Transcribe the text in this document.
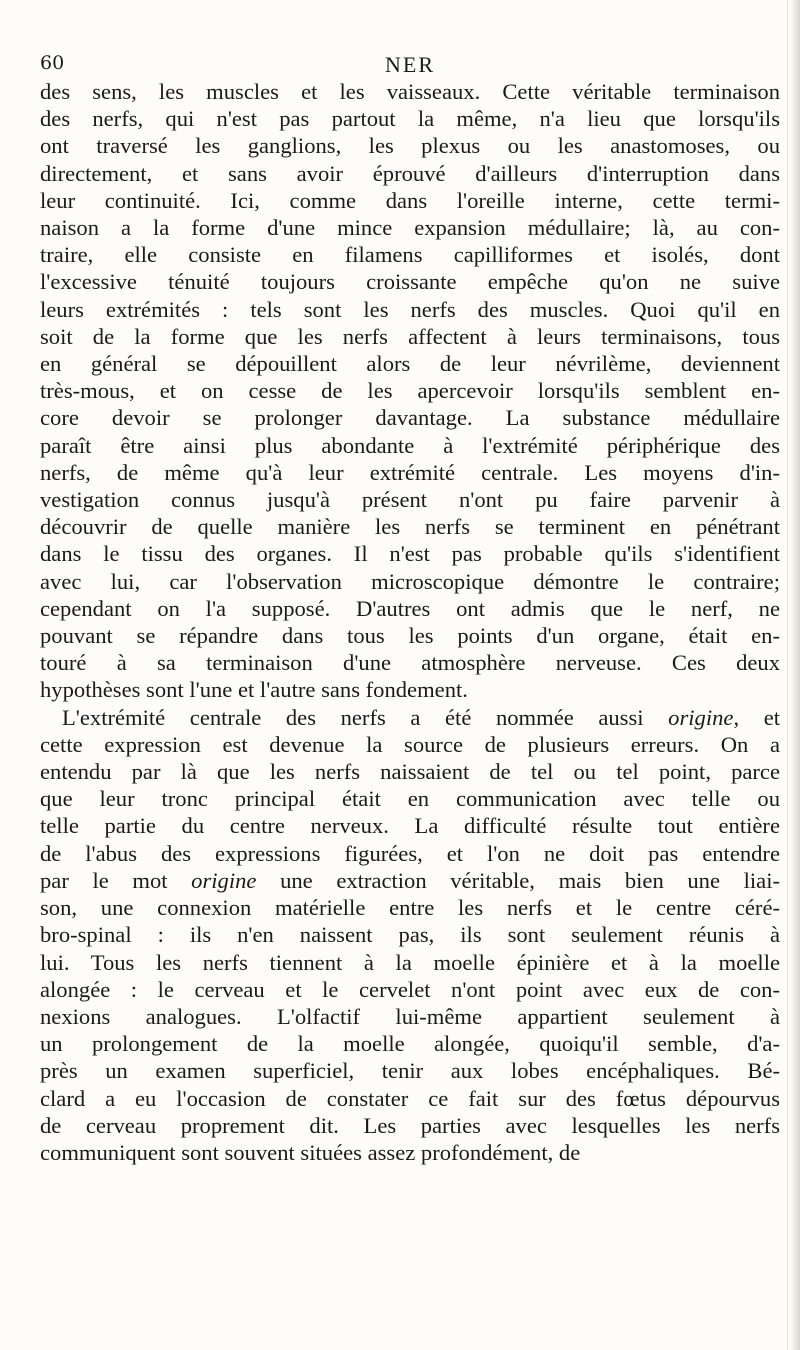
60	NER
des sens, les muscles et les vaisseaux. Cette véritable terminaison
des nerfs, qui n'est pas partout la même, n'a lieu que lorsqu'ils
ont traversé les ganglions, les plexus ou les anastomoses, ou
directement, et sans avoir éprouvé d'ailleurs d'interruption dans
leur continuité. Ici, comme dans l'oreille interne, cette termi-
naison a la forme d'une mince expansion médullaire; là, au con-
traire, elle consiste en filamens capilliformes et isolés, dont
l'excessive ténuité toujours croissante empêche qu'on ne suive
leurs extrémités : tels sont les nerfs des muscles. Quoi qu'il en
soit de la forme que les nerfs affectent à leurs terminaisons, tous
en général se dépouillent alors de leur névrilème, deviennent
très-mous, et on cesse de les apercevoir lorsqu'ils semblent en-
core devoir se prolonger davantage. La substance médullaire
paraît être ainsi plus abondante à l'extrémité périphérique des
nerfs, de même qu'à leur extrémité centrale. Les moyens d'in-
vestigation connus jusqu'à présent n'ont pu faire parvenir à
découvrir de quelle manière les nerfs se terminent en pénétrant
dans le tissu des organes. Il n'est pas probable qu'ils s'identifient
avec lui, car l'observation microscopique démontre le contraire;
cependant on l'a supposé. D'autres ont admis que le nerf, ne
pouvant se répandre dans tous les points d'un organe, était en-
touré à sa terminaison d'une atmosphère nerveuse. Ces deux
hypothèses sont l'une et l'autre sans fondement.
L'extrémité centrale des nerfs a été nommée aussi origine, et
cette expression est devenue la source de plusieurs erreurs. On a
entendu par là que les nerfs naissaient de tel ou tel point, parce
que leur tronc principal était en communication avec telle ou
telle partie du centre nerveux. La difficulté résulte tout entière
de l'abus des expressions figurées, et l'on ne doit pas entendre
par le mot origine une extraction véritable, mais bien une liai-
son, une connexion matérielle entre les nerfs et le centre céré-
bro-spinal : ils n'en naissent pas, ils sont seulement réunis à
lui. Tous les nerfs tiennent à la moelle épinière et à la moelle
alongée : le cerveau et le cervelet n'ont point avec eux de con-
nexions analogues. L'olfactif lui-même appartient seulement à
un prolongement de la moelle alongée, quoiqu'il semble, d'a-
près un examen superficiel, tenir aux lobes encéphaliques. Bé-
clard a eu l'occasion de constater ce fait sur des fœtus dépourvus
de cerveau proprement dit. Les parties avec lesquelles les nerfs
communiquent sont souvent situées assez profondément, de
